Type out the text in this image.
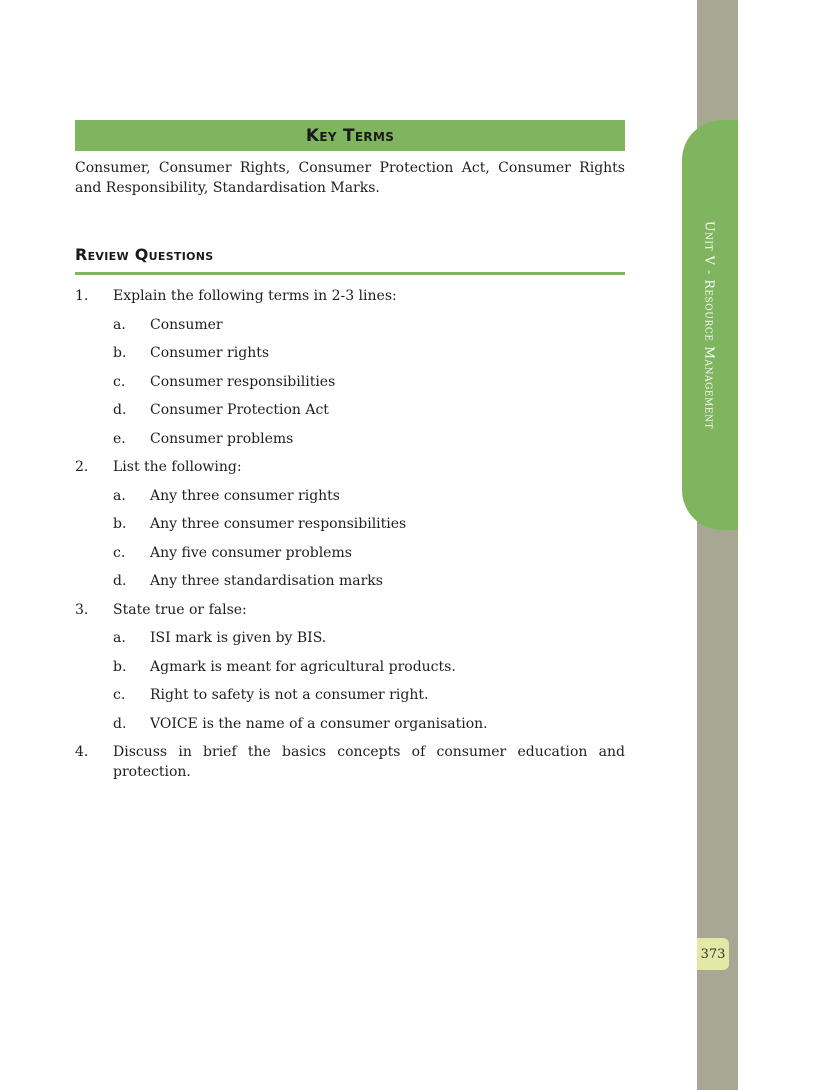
Unit V - Resource Management
373
Key Terms
Consumer, Consumer Rights, Consumer Protection Act, Consumer Rights and Responsibility, Standardisation Marks.
Review Questions
1.	Explain the following terms in 2-3 lines:
a.	Consumer
b.	Consumer rights
c.	Consumer responsibilities
d.	Consumer Protection Act
e.	Consumer problems
2.	List the following:
a.	Any three consumer rights
b.	Any three consumer responsibilities
c.	Any five consumer problems
d.	Any three standardisation marks
3.	State true or false:
a.	ISI mark is given by BIS.
b.	Agmark is meant for agricultural products.
c.	Right to safety is not a consumer right.
d.	VOICE is the name of a consumer organisation.
4.	Discuss in brief the basics concepts of consumer education and protection.
